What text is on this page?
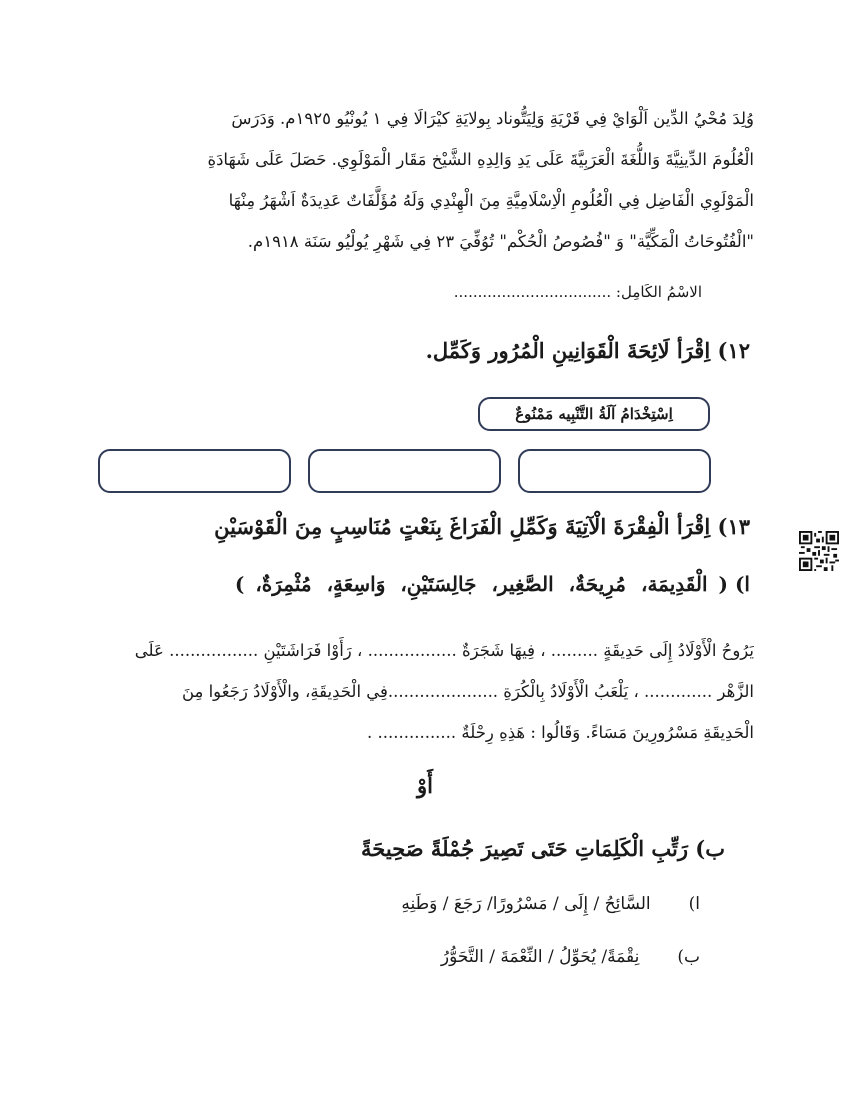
وُلِدَ مُحْيُ الدِّين اَلْوَايْ فِي قَرْيَةِ وَلِيَتُّوناد بِولايَةِ كيْرَالَا فِي ١ يُونْيُو ١٩٢٥م. وَدَرَسَ
الْعُلُومَ الدِّينِيَّةَ وَاللُّغَةَ الْعَرَبِيَّةَ عَلَى يَدِ وَالِدِهِ الشَّيْخ مَقَار الْمَوْلَوِي. حَصَلَ عَلَى شَهَادَةِ
الْمَوْلَوِي الْفَاضِل فِي الْعُلُومِ الْاِسْلَامِيَّةِ مِنَ الْهِنْدِي وَلَهُ مُؤَلَّفَاتٌ عَدِيدَةٌ اَشْهَرُ مِنْهَا
"الْفُتُوحَاتُ الْمَكِّيَّة" وَ "فُصُوصُ الْحُكْم" تُوُفِّيَ ٢٣ فِي شَهْرِ يُولْيُو سَنَة ١٩١٨م.
الاسْمُ الكَامِل: .................................
١٢) اِقْرَأ لَائِحَةَ الْقَوَانِينِ الْمُرُور وَكَمِّل.
اِسْتِخْدَامُ آلَةُ التَّنْبِيه مَمْنُوعٌ
١٣) اِقْرَأ الْفِقْرَةَ الْآتِيَةَ وَكَمِّلِ الْفَرَاغَ بِنَعْتٍ مُنَاسِبٍ مِنَ الْقَوْسَيْنِ
ا) ( الْقَدِيمَة، مُرِيحَةٌ، الصَّغِير، جَالِسَتَيْنِ، وَاسِعَةٍ، مُثْمِرَةٌ، )
يَرُوحُ الْأَوْلَادُ إِلَى حَدِيقَةٍ ......... ، فِيهَا شَجَرَةٌ ................. ، رَأَوْا فَرَاشَتَيْنِ ................. عَلَى
الزَّهْر ............. ، يَلْعَبُ الْأَوْلَادُ بِالْكُرَةِ .....................فِي الْحَدِيقَةِ، والْأَوْلَادُ رَجَعُوا مِنَ
الْحَدِيقَةِ مَسْرُورِينَ مَسَاءً. وَقَالُوا : هَذِهِ رِحْلَةٌ ............... .
أَوْ
ب) رَتِّبِ الْكَلِمَاتِ حَتَى تَصِيرَ جُمْلَةً صَحِيحَةً
ا)
السَّائِحُ / إِلَى / مَسْرُورًا/ رَجَعَ / وَطَنِهِ
ب)
نِقْمَةً/ يُحَوِّلُ / النِّعْمَةَ / التَّحَوُّرُ
